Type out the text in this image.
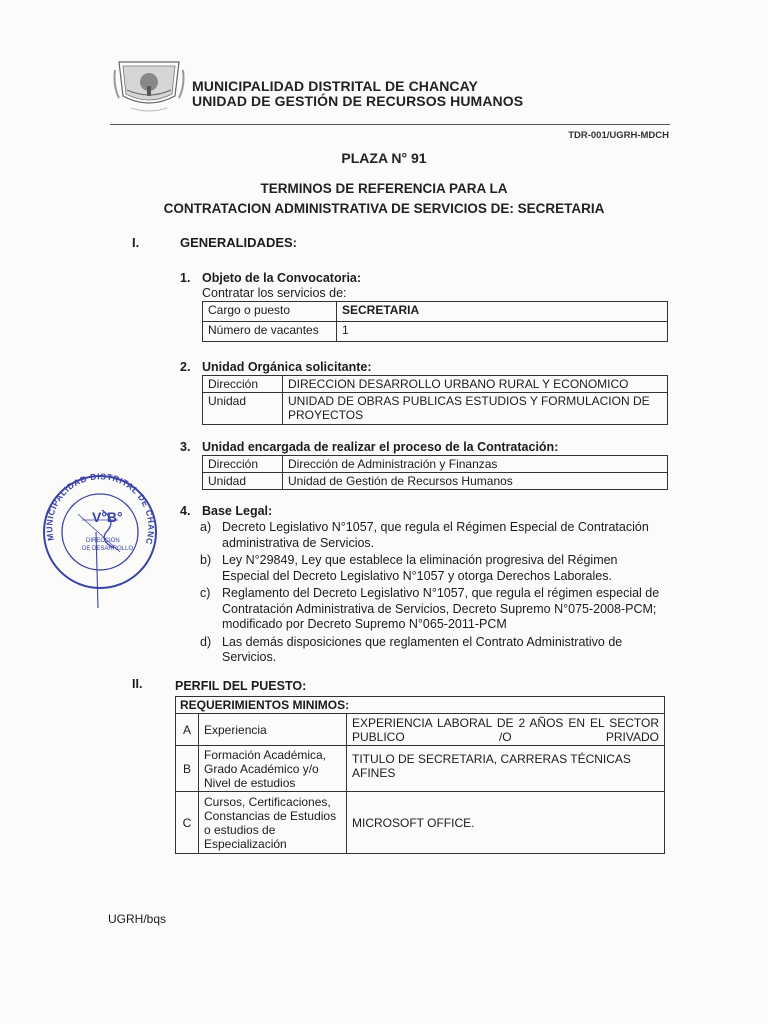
MUNICIPALIDAD DISTRITAL DE CHANCAY
UNIDAD DE GESTIÓN DE RECURSOS HUMANOS
TDR-001/UGRH-MDCH
PLAZA N° 91
TERMINOS DE REFERENCIA PARA LA
CONTRATACION ADMINISTRATIVA DE SERVICIOS DE: SECRETARIA
I.	GENERALIDADES:
1. Objeto de la Convocatoria:
Contratar los servicios de:
Cargo o puesto	SECRETARIA
Número de vacantes	1
2. Unidad Orgánica solicitante:
Dirección	DIRECCION DESARROLLO URBANO RURAL Y ECONOMICO
Unidad	UNIDAD DE OBRAS PUBLICAS ESTUDIOS Y FORMULACION DE PROYECTOS
3. Unidad encargada de realizar el proceso de la Contratación:
Dirección	Dirección de Administración y Finanzas
Unidad	Unidad de Gestión de Recursos Humanos
4. Base Legal:
a) Decreto Legislativo N°1057, que regula el Régimen Especial de Contratación administrativa de Servicios.
b) Ley N°29849, Ley que establece la eliminación progresiva del Régimen Especial del Decreto Legislativo N°1057 y otorga Derechos Laborales.
c) Reglamento del Decreto Legislativo N°1057, que regula el régimen especial de Contratación Administrativa de Servicios, Decreto Supremo N°075-2008-PCM; modificado por Decreto Supremo N°065-2011-PCM
d) Las demás disposiciones que reglamenten el Contrato Administrativo de Servicios.
V°B°
DIRECCION
DE DESARROLLO
MUNICIPALIDAD DISTRITAL DE CHANC
II.	PERFIL DEL PUESTO:
REQUERIMIENTOS MINIMOS:		
A	Experiencia	EXPERIENCIA LABORAL DE 2 AÑOS EN EL SECTOR PUBLICO /O PRIVADO

B	Formación Académica, Grado Académico y/o Nivel de estudios	TITULO DE SECRETARIA, CARRERAS TÉCNICAS AFINES
C	Cursos, Certificaciones, Constancias de Estudios o estudios de Especialización	MICROSOFT OFFICE.
UGRH/bqs
